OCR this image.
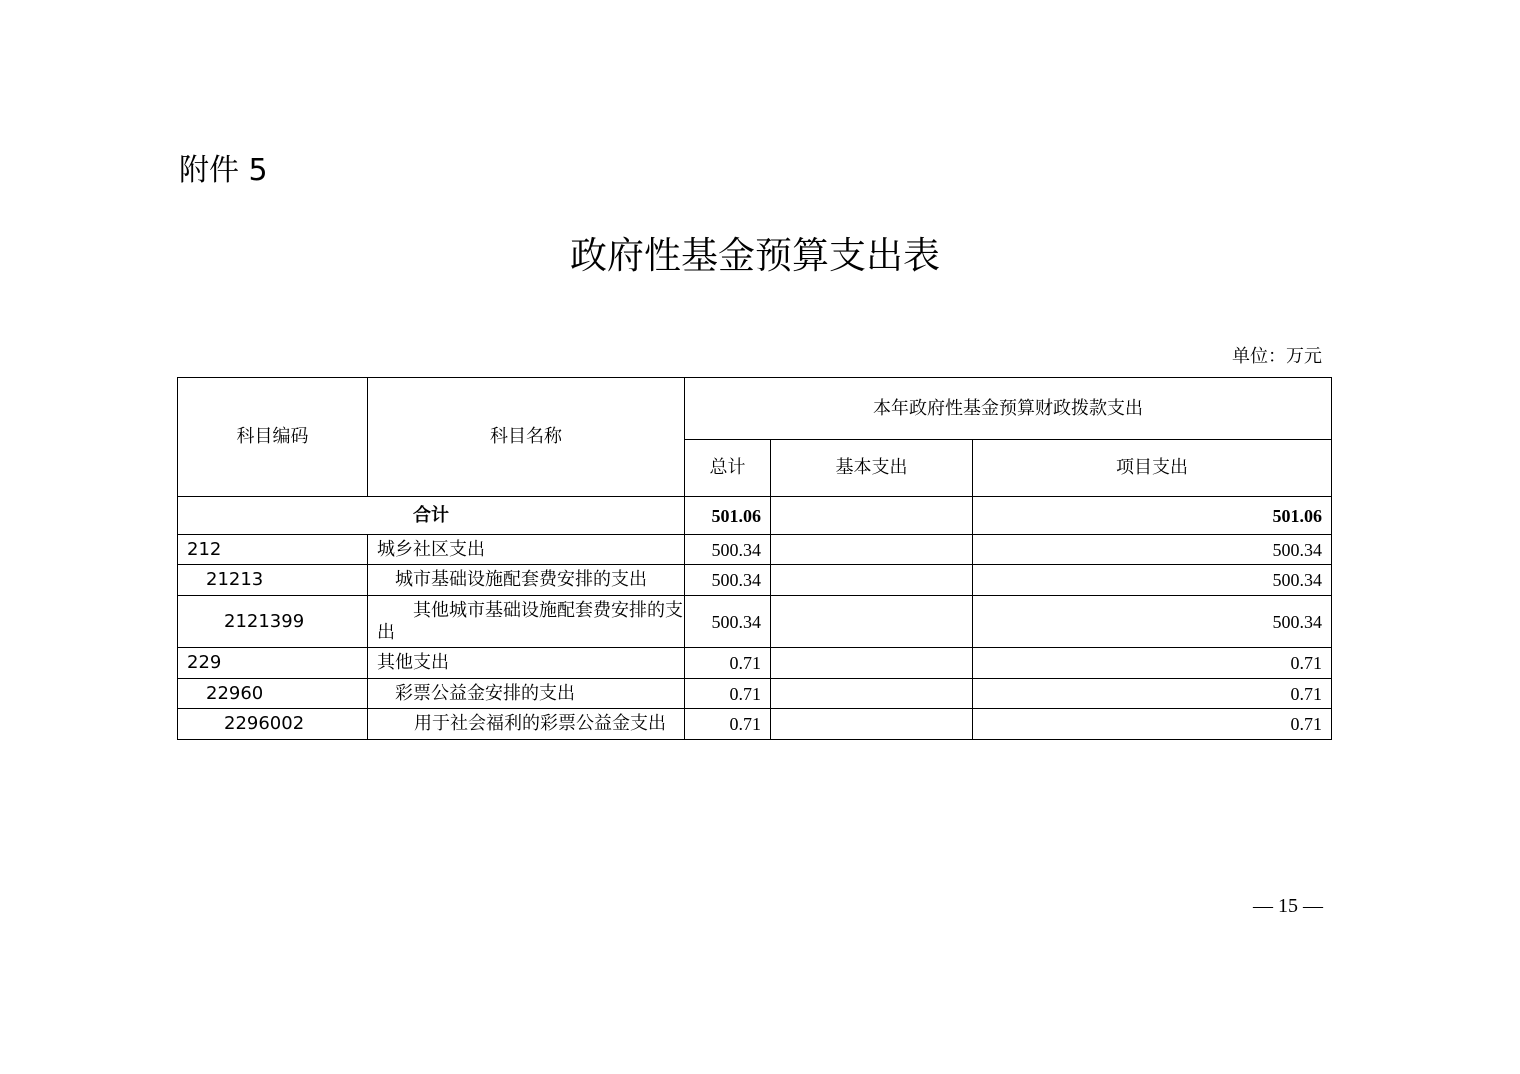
附件 5
政府性基金预算支出表
单位：万元
科目编码	科目名称	本年政府性基金预算财政拨款支出		
		总计	基本支出	项目支出
合计		501.06		501.06
212	城乡社区支出	500.34		500.34
21213	城市基础设施配套费安排的支出	500.34		500.34
2121399	其他城市基础设施配套费安排的支出	500.34		500.34
229	其他支出	0.71		0.71
22960	彩票公益金安排的支出	0.71		0.71
2296002	用于社会福利的彩票公益金支出	0.71		0.71
— 15 —
